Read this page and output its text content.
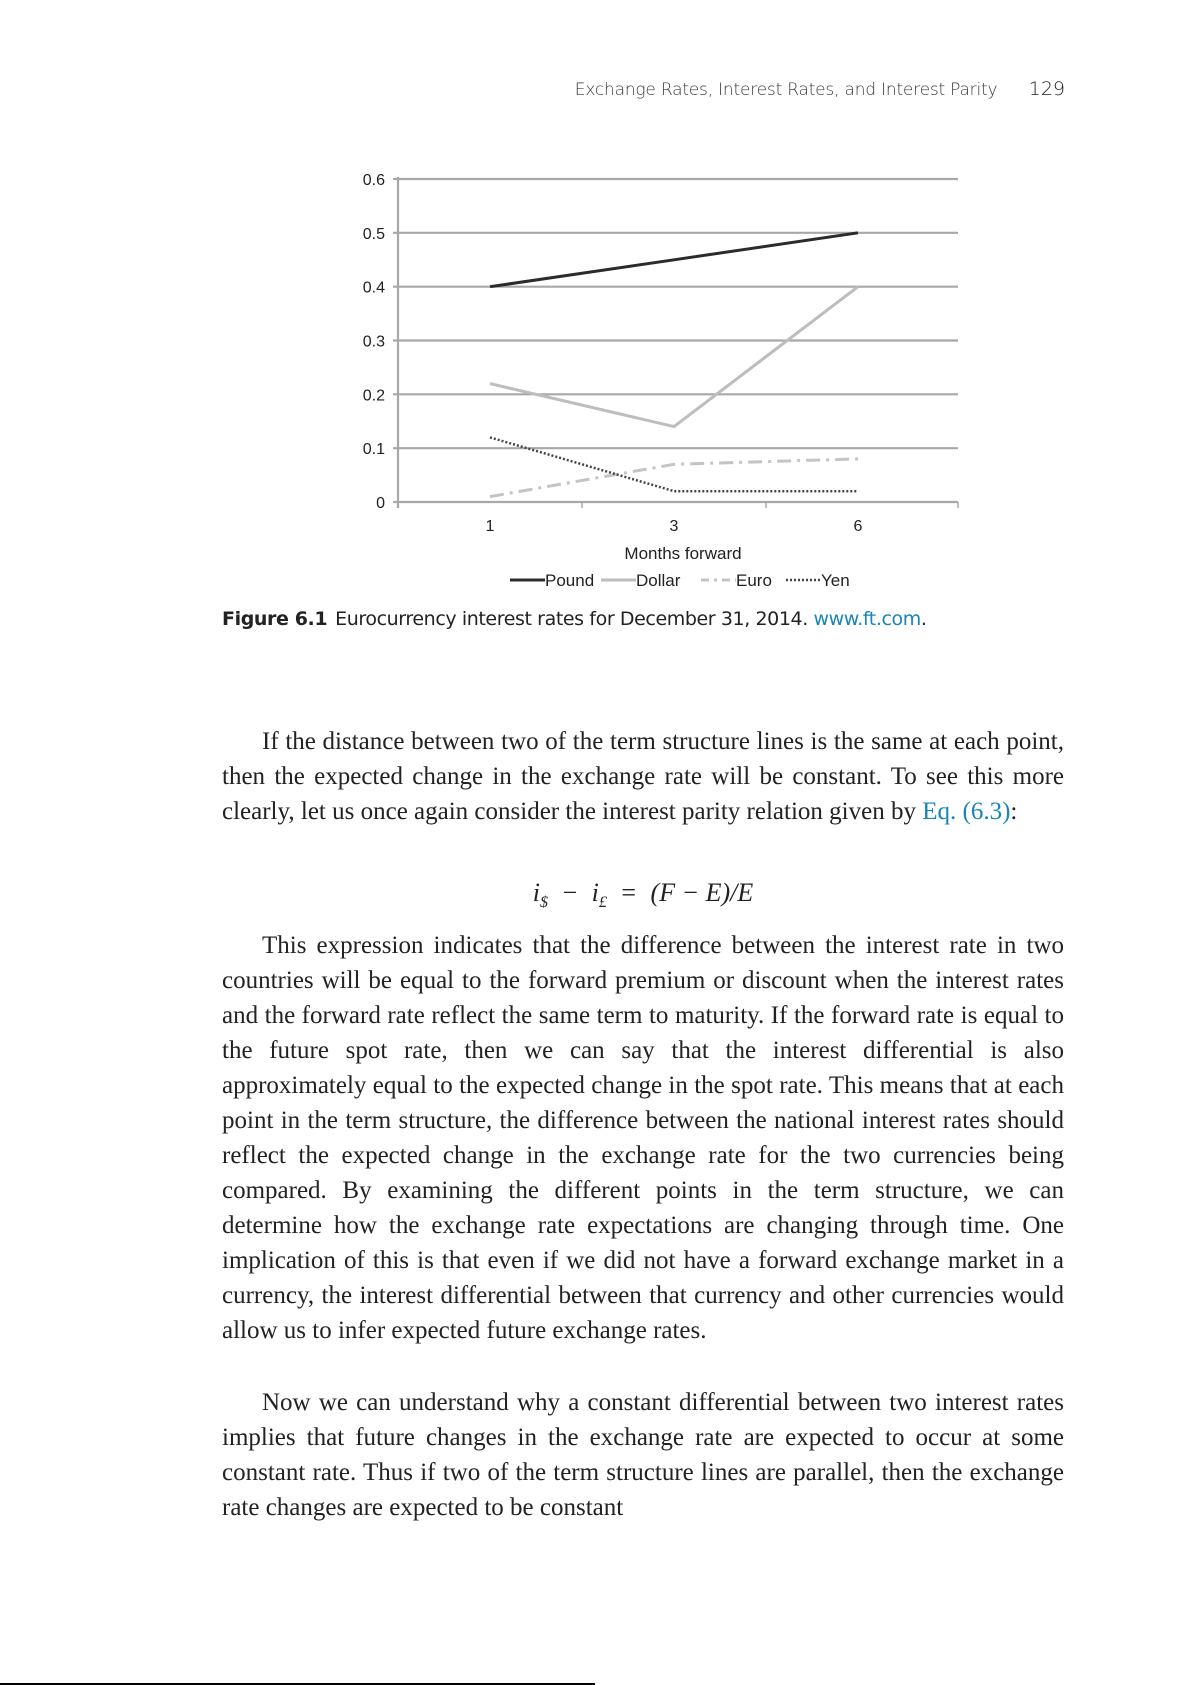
Exchange Rates, Interest Rates, and Interest Parity 129
0
0.1
0.2
0.3
0.4
0.5
0.6
1	3	6
Months forward
Pound Dollar	Euro	Yen
Figure 6.1 Eurocurrency interest rates for December 31, 2014. www.ft.com.

If the distance between two of the term structure lines is the same at each point, then the expected change in the exchange rate will be constant. To see this more clearly, let us once again consider the interest parity relation given by Eq. (6.3):

$i_{\$} - i_£ = (F - E)/E$

This expression indicates that the difference between the interest rate in two countries will be equal to the forward premium or discount when the interest rates and the forward rate reflect the same term to maturity. If the forward rate is equal to the future spot rate, then we can say that the interest differential is also approximately equal to the expected change in the spot rate. This means that at each point in the term structure, the difference between the national interest rates should reflect the expected change in the exchange rate for the two currencies being compared. By examining the different points in the term structure, we can determine how the exchange rate expectations are changing through time. One implication of this is that even if we did not have a forward exchange market in a currency, the interest differential between that currency and other currencies would allow us to infer expected future exchange rates.

Now we can understand why a constant differential between two interest rates implies that future changes in the exchange rate are expected to occur at some constant rate. Thus if two of the term structure lines are parallel, then the exchange rate changes are expected to be constant
